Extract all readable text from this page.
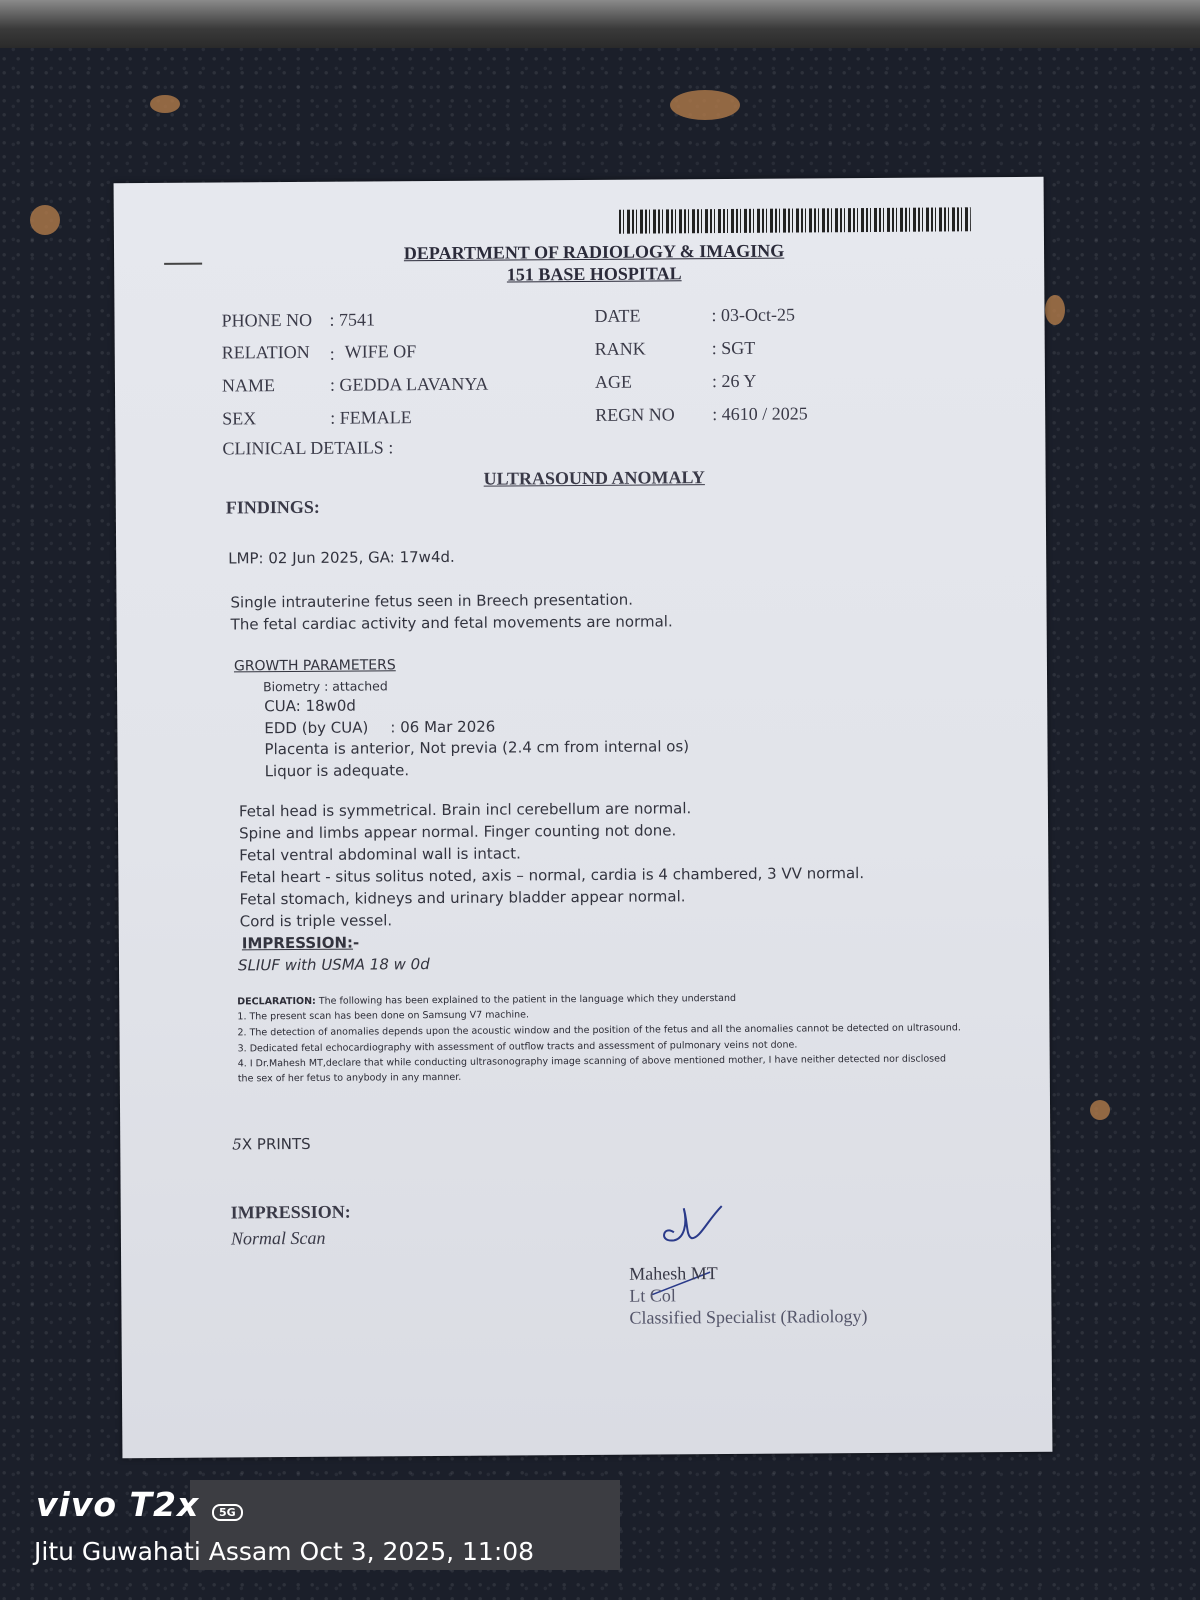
DEPARTMENT OF RADIOLOGY & IMAGING
151 BASE HOSPITAL
PHONE NO : 7541
RELATION : WIFE OF
NAME	: GEDDA LAVANYA
SEX	: FEMALE
CLINICAL DETAILS :
DATE	: 03-Oct-25
RANK	: SGT
AGE	: 26 Y
REGN NO : 4610 / 2025
ULTRASOUND ANOMALY
FINDINGS:
LMP: 02 Jun 2025, GA: 17w4d.
Single intrauterine fetus seen in Breech presentation.
The fetal cardiac activity and fetal movements are normal.
GROWTH PARAMETERS
Biometry : attached
CUA: 18w0d
EDD (by CUA) : 06 Mar 2026
Placenta is anterior, Not previa (2.4 cm from internal os)
Liquor is adequate.
Fetal head is symmetrical. Brain incl cerebellum are normal.
Spine and limbs appear normal. Finger counting not done.
Fetal ventral abdominal wall is intact.
Fetal heart - situs solitus noted, axis – normal, cardia is 4 chambered, 3 VV normal.
Fetal stomach, kidneys and urinary bladder appear normal.
Cord is triple vessel.
IMPRESSION:-
SLIUF with USMA 18 w 0d
DECLARATION: The following has been explained to the patient in the language which they understand
1. The present scan has been done on Samsung V7 machine.
2. The detection of anomalies depends upon the acoustic window and the position of the fetus and all the anomalies cannot be detected on ultrasound.
3. Dedicated fetal echocardiography with assessment of outflow tracts and assessment of pulmonary veins not done.
4. I Dr.Mahesh MT,declare that while conducting ultrasonography image scanning of above mentioned mother, I have neither detected nor disclosed
the sex of her fetus to anybody in any manner.
5X PRINTS
IMPRESSION:
Normal Scan
Mahesh MT
Lt Col
Classified Specialist (Radiology)
vivo T2x	5G
Jitu Guwahati Assam Oct 3, 2025, 11:08
